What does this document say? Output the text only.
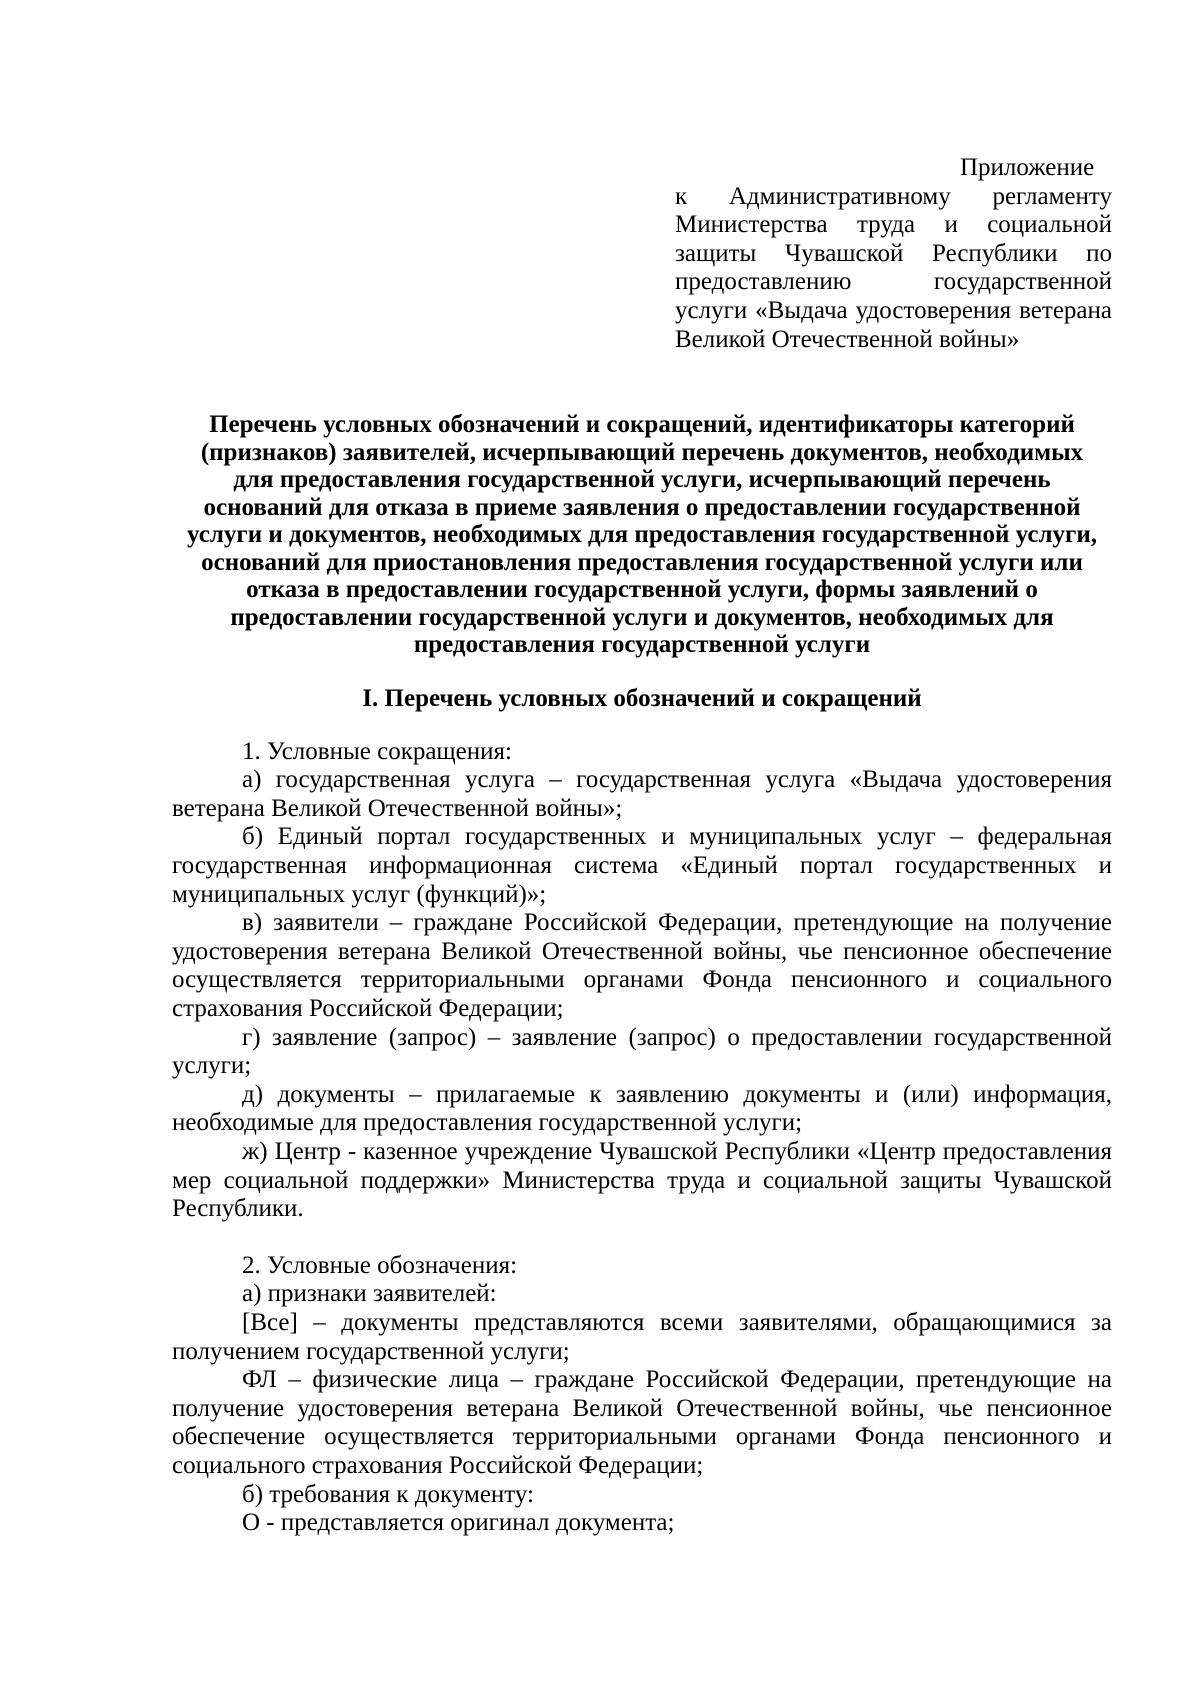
Приложение
к Административному регламенту Министерства труда и социальной защиты Чувашской Республики по предоставлению государственной услуги «Выдача удостоверения ветерана Великой Отечественной войны»
Перечень условных обозначений и сокращений, идентификаторы категорий (признаков) заявителей, исчерпывающий перечень документов, необходимых для предоставления государственной услуги, исчерпывающий перечень оснований для отказа в приеме заявления о предоставлении государственной услуги и документов, необходимых для предоставления государственной услуги, оснований для приостановления предоставления государственной услуги или отказа в предоставлении государственной услуги, формы заявлений о предоставлении государственной услуги и документов, необходимых для предоставления государственной услуги
I. Перечень условных обозначений и сокращений

1. Условные сокращения:

а) государственная услуга – государственная услуга «Выдача удостоверения ветерана Великой Отечественной войны»;

б) Единый портал государственных и муниципальных услуг – федеральная государственная информационная система «Единый портал государственных и муниципальных услуг (функций)»;

в) заявители – граждане Российской Федерации, претендующие на получение удостоверения ветерана Великой Отечественной войны, чье пенсионное обеспечение осуществляется территориальными органами Фонда пенсионного и социального страхования Российской Федерации;

г) заявление (запрос) – заявление (запрос) о предоставлении государственной услуги;

д) документы – прилагаемые к заявлению документы и (или) информация, необходимые для предоставления государственной услуги;

ж) Центр - казенное учреждение Чувашской Республики «Центр предоставления мер социальной поддержки» Министерства труда и социальной защиты Чувашской Республики.

2. Условные обозначения:

а) признаки заявителей:

[Все] – документы представляются всеми заявителями, обращающимися за получением государственной услуги;

ФЛ – физические лица – граждане Российской Федерации, претендующие на получение удостоверения ветерана Великой Отечественной войны, чье пенсионное обеспечение осуществляется территориальными органами Фонда пенсионного и социального страхования Российской Федерации;

б) требования к документу:

О - представляется оригинал документа;
